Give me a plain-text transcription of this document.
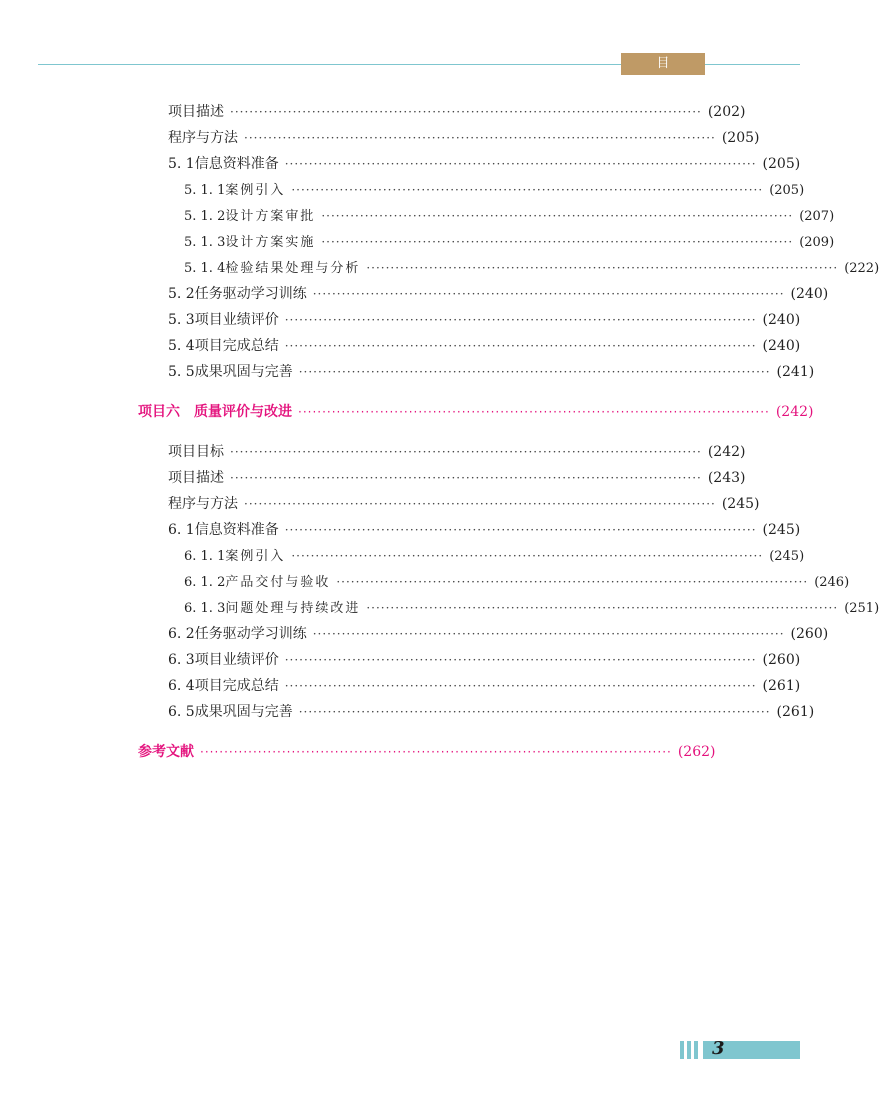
目 录
项目描述 ·································································································· (202)
程序与方法 ·································································································· (205)
5. 1 信息资料准备 ·································································································· (205)
5. 1. 1 案例引入 ·································································································· (205)
5. 1. 2 设计方案审批 ·································································································· (207)
5. 1. 3 设计方案实施 ·································································································· (209)
5. 1. 4 检验结果处理与分析 ·································································································· (222)
5. 2 任务驱动学习训练 ·································································································· (240)
5. 3 项目业绩评价 ·································································································· (240)
5. 4 项目完成总结 ·································································································· (240)
5. 5 成果巩固与完善 ·································································································· (241)
项目六 质量评价与改进 ·································································································· (242)
项目目标 ·································································································· (242)
项目描述 ·································································································· (243)
程序与方法 ·································································································· (245)
6. 1 信息资料准备 ·································································································· (245)
6. 1. 1 案例引入 ·································································································· (245)
6. 1. 2 产品交付与验收 ·································································································· (246)
6. 1. 3 问题处理与持续改进 ·································································································· (251)
6. 2 任务驱动学习训练 ·································································································· (260)
6. 3 项目业绩评价 ·································································································· (260)
6. 4 项目完成总结 ·································································································· (261)
6. 5 成果巩固与完善 ·································································································· (261)
参考文献 ·································································································· (262)
3
